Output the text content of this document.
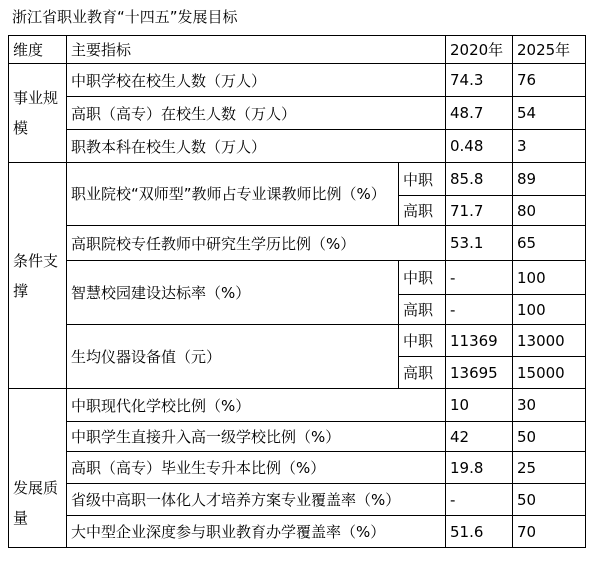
浙江省职业教育“十四五”发展目标
维度	主要指标		2020年	2025年
事业规模	中职学校在校生人数（万人）		74.3	76
	高职（高专）在校生人数（万人）		48.7	54
	职教本科在校生人数（万人）		0.48	3
条件支撑	职业院校“双师型”教师占专业课教师比例（%）	中职	85.8	89
		高职	71.7	80
	高职院校专任教师中研究生学历比例（%）		53.1	65
	智慧校园建设达标率（%）	中职	-	100
		高职	-	100
	生均仪器设备值（元）	中职	11369	13000
		高职	13695	15000
发展质量	中职现代化学校比例（%）		10	30
	中职学生直接升入高一级学校比例（%）		42	50
	高职（高专）毕业生专升本比例（%）		19.8	25
	省级中高职一体化人才培养方案专业覆盖率（%）		-	50
	大中型企业深度参与职业教育办学覆盖率（%）		51.6	70
